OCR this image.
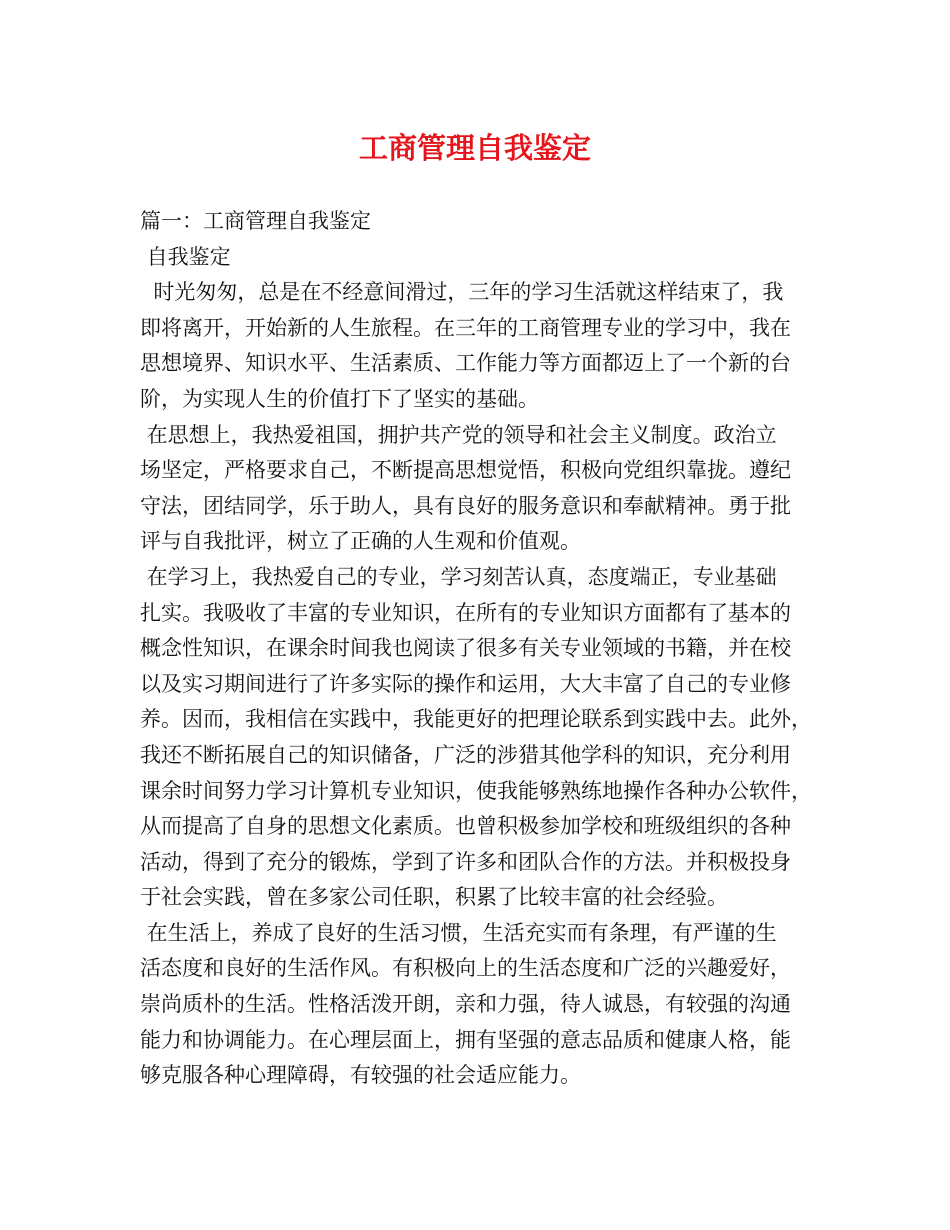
工商管理自我鉴定

篇一：工商管理自我鉴定

自我鉴定

时光匆匆，总是在不经意间滑过，三年的学习生活就这样结束了，我

即将离开，开始新的人生旅程。在三年的工商管理专业的学习中，我在

思想境界、知识水平、生活素质、工作能力等方面都迈上了一个新的台

阶，为实现人生的价值打下了坚实的基础。

在思想上，我热爱祖国，拥护共产党的领导和社会主义制度。政治立

场坚定，严格要求自己，不断提高思想觉悟，积极向党组织靠拢。遵纪

守法，团结同学，乐于助人，具有良好的服务意识和奉献精神。勇于批

评与自我批评，树立了正确的人生观和价值观。

在学习上，我热爱自己的专业，学习刻苦认真，态度端正，专业基础

扎实。我吸收了丰富的专业知识，在所有的专业知识方面都有了基本的

概念性知识，在课余时间我也阅读了很多有关专业领域的书籍，并在校

以及实习期间进行了许多实际的操作和运用，大大丰富了自己的专业修

养。因而，我相信在实践中，我能更好的把理论联系到实践中去。此外，

我还不断拓展自己的知识储备，广泛的涉猎其他学科的知识，充分利用

课余时间努力学习计算机专业知识，使我能够熟练地操作各种办公软件，

从而提高了自身的思想文化素质。也曾积极参加学校和班级组织的各种

活动，得到了充分的锻炼，学到了许多和团队合作的方法。并积极投身

于社会实践，曾在多家公司任职，积累了比较丰富的社会经验。

在生活上，养成了良好的生活习惯，生活充实而有条理，有严谨的生

活态度和良好的生活作风。有积极向上的生活态度和广泛的兴趣爱好，

崇尚质朴的生活。性格活泼开朗，亲和力强，待人诚恳，有较强的沟通

能力和协调能力。在心理层面上，拥有坚强的意志品质和健康人格，能

够克服各种心理障碍，有较强的社会适应能力。
